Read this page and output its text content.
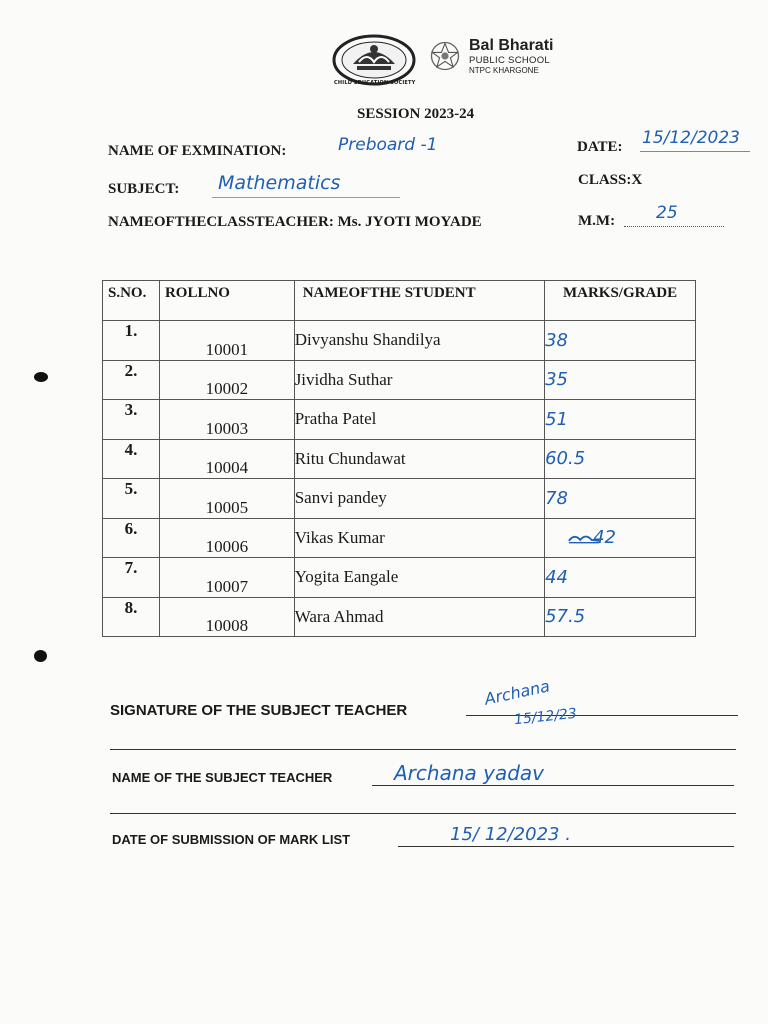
CHILD EDUCATION SOCIETY
Bal Bharati
PUBLIC SCHOOL
NTPC KHARGONE
SESSION 2023-24
NAME OF EXMINATION:	Preboard -1	DATE: 15/12/2023
SUBJECT: Mathematics	CLASS:X
NAMEOFTHECLASSTEACHER: Ms. JYOTI MOYADE	M.M: 25
S.NO.	ROLLNO	NAMEOFTHE STUDENT	MARKS/GRADE
1.	10001	Divyanshu Shandilya	38
2.	10002	Jividha Suthar	35
3.	10003	Pratha Patel	51
4.	10004	Ritu Chundawat	60.5
5.	10005	Sanvi pandey	78
6.	10006	Vikas Kumar	42
7.	10007	Yogita Eangale	44
8.	10008	Wara Ahmad	57.5
SIGNATURE OF THE SUBJECT TEACHER
Archana
15/12/23
NAME OF THE SUBJECT TEACHER	Archana yadav
DATE OF SUBMISSION OF MARK LIST	15/ 12/2023 .
